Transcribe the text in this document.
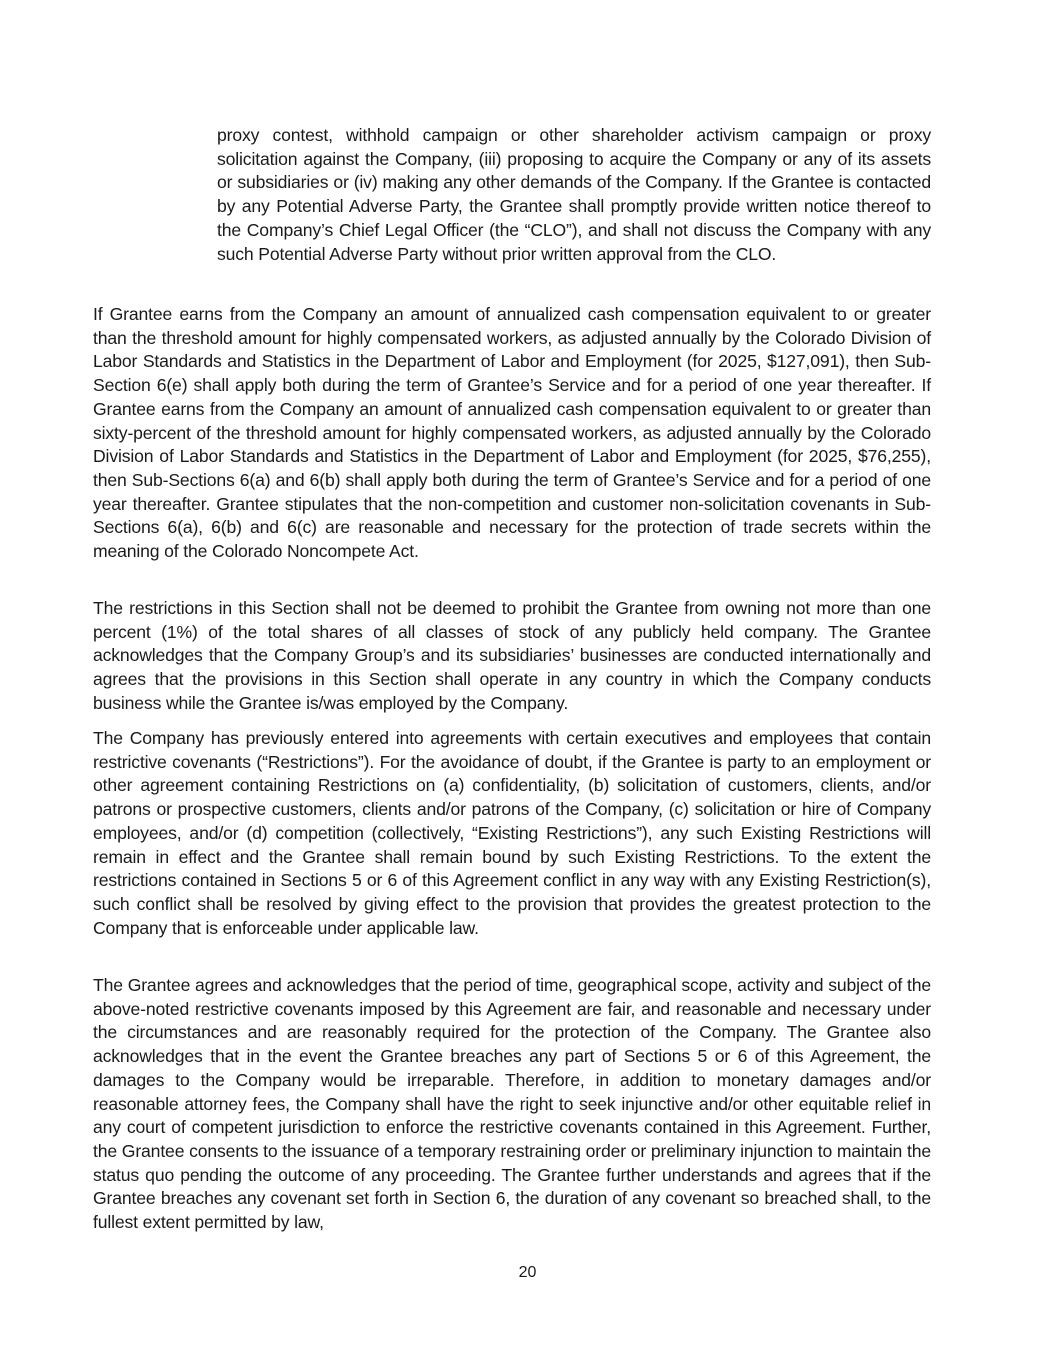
proxy contest, withhold campaign or other shareholder activism campaign or proxy solicitation against the Company, (iii) proposing to acquire the Company or any of its assets or subsidiaries or (iv) making any other demands of the Company. If the Grantee is contacted by any Potential Adverse Party, the Grantee shall promptly provide written notice thereof to the Company’s Chief Legal Officer (the “CLO”), and shall not discuss the Company with any such Potential Adverse Party without prior written approval from the CLO.

If Grantee earns from the Company an amount of annualized cash compensation equivalent to or greater than the threshold amount for highly compensated workers, as adjusted annually by the Colorado Division of Labor Standards and Statistics in the Department of Labor and Employment (for 2025, $127,091), then Sub-Section 6(e) shall apply both during the term of Grantee’s Service and for a period of one year thereafter. If Grantee earns from the Company an amount of annualized cash compensation equivalent to or greater than sixty-percent of the threshold amount for highly compensated workers, as adjusted annually by the Colorado Division of Labor Standards and Statistics in the Department of Labor and Employment (for 2025, $76,255), then Sub-Sections 6(a) and 6(b) shall apply both during the term of Grantee’s Service and for a period of one year thereafter. Grantee stipulates that the non-competition and customer non-solicitation covenants in Sub-Sections 6(a), 6(b) and 6(c) are reasonable and necessary for the protection of trade secrets within the meaning of the Colorado Noncompete Act.

The restrictions in this Section shall not be deemed to prohibit the Grantee from owning not more than one percent (1%) of the total shares of all classes of stock of any publicly held company. The Grantee acknowledges that the Company Group’s and its subsidiaries’ businesses are conducted internationally and agrees that the provisions in this Section shall operate in any country in which the Company conducts business while the Grantee is/was employed by the Company.

The Company has previously entered into agreements with certain executives and employees that contain restrictive covenants (“Restrictions”). For the avoidance of doubt, if the Grantee is party to an employment or other agreement containing Restrictions on (a) confidentiality, (b) solicitation of customers, clients, and/or patrons or prospective customers, clients and/or patrons of the Company, (c) solicitation or hire of Company employees, and/or (d) competition (collectively, “Existing Restrictions”), any such Existing Restrictions will remain in effect and the Grantee shall remain bound by such Existing Restrictions. To the extent the restrictions contained in Sections 5 or 6 of this Agreement conflict in any way with any Existing Restriction(s), such conflict shall be resolved by giving effect to the provision that provides the greatest protection to the Company that is enforceable under applicable law.

The Grantee agrees and acknowledges that the period of time, geographical scope, activity and subject of the above-noted restrictive covenants imposed by this Agreement are fair, and reasonable and necessary under the circumstances and are reasonably required for the protection of the Company. The Grantee also acknowledges that in the event the Grantee breaches any part of Sections 5 or 6 of this Agreement, the damages to the Company would be irreparable. Therefore, in addition to monetary damages and/or reasonable attorney fees, the Company shall have the right to seek injunctive and/or other equitable relief in any court of competent jurisdiction to enforce the restrictive covenants contained in this Agreement. Further, the Grantee consents to the issuance of a temporary restraining order or preliminary injunction to maintain the status quo pending the outcome of any proceeding. The Grantee further understands and agrees that if the Grantee breaches any covenant set forth in Section 6, the duration of any covenant so breached shall, to the fullest extent permitted by law,

20
